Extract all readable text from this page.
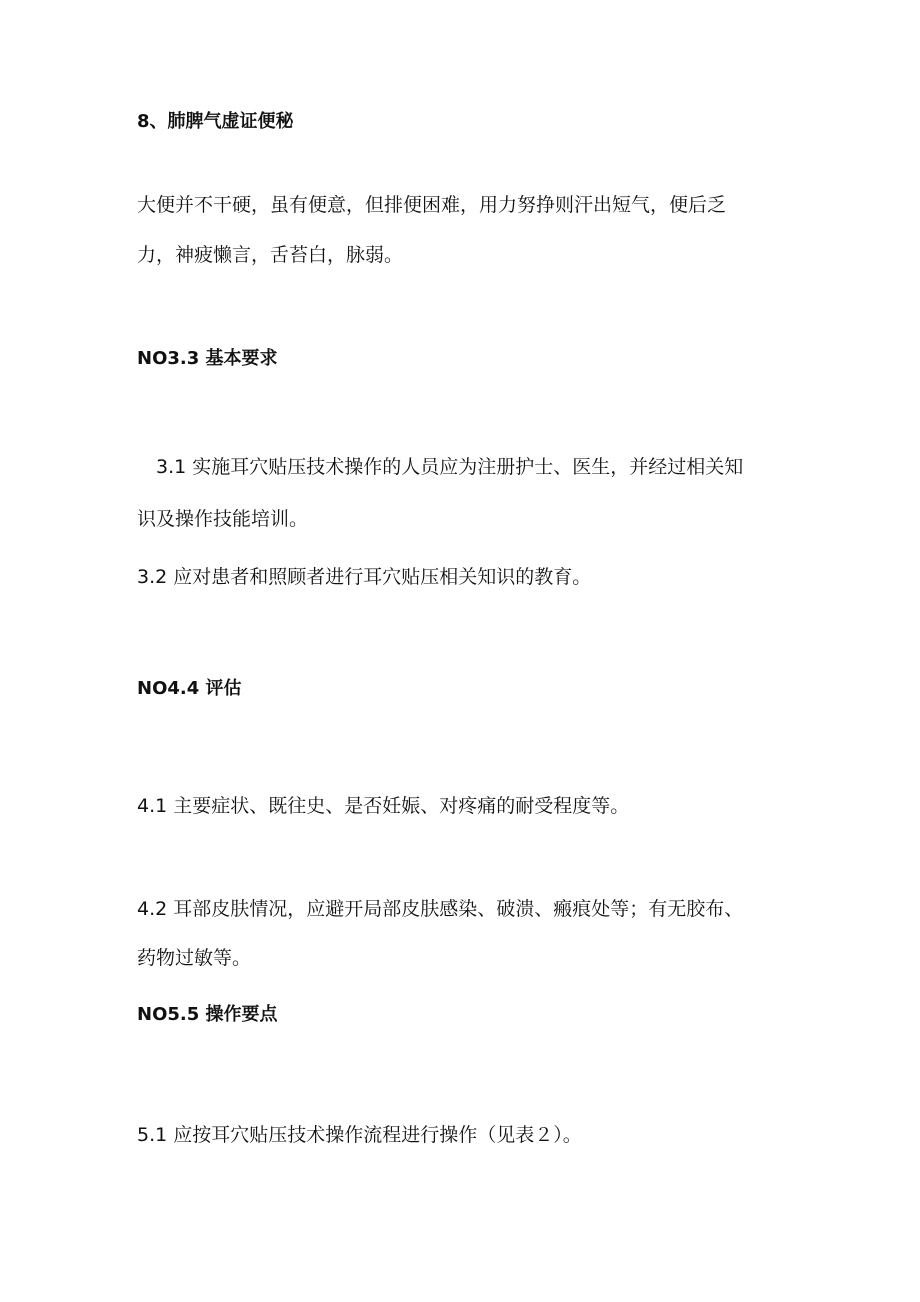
8、肺脾气虚证便秘
大便并不干硬，虽有便意，但排便困难，用力努挣则汗出短气，便后乏
力，神疲懒言，舌苔白，脉弱。
NO3.3 基本要求
3.1 实施耳穴贴压技术操作的人员应为注册护士、医生，并经过相关知
识及操作技能培训。
3.2 应对患者和照顾者进行耳穴贴压相关知识的教育。
NO4.4 评估
4.1 主要症状、既往史、是否妊娠、对疼痛的耐受程度等。
4.2 耳部皮肤情况，应避开局部皮肤感染、破溃、瘢痕处等；有无胶布、
药物过敏等。
NO5.5 操作要点
5.1 应按耳穴贴压技术操作流程进行操作（见表２）。
